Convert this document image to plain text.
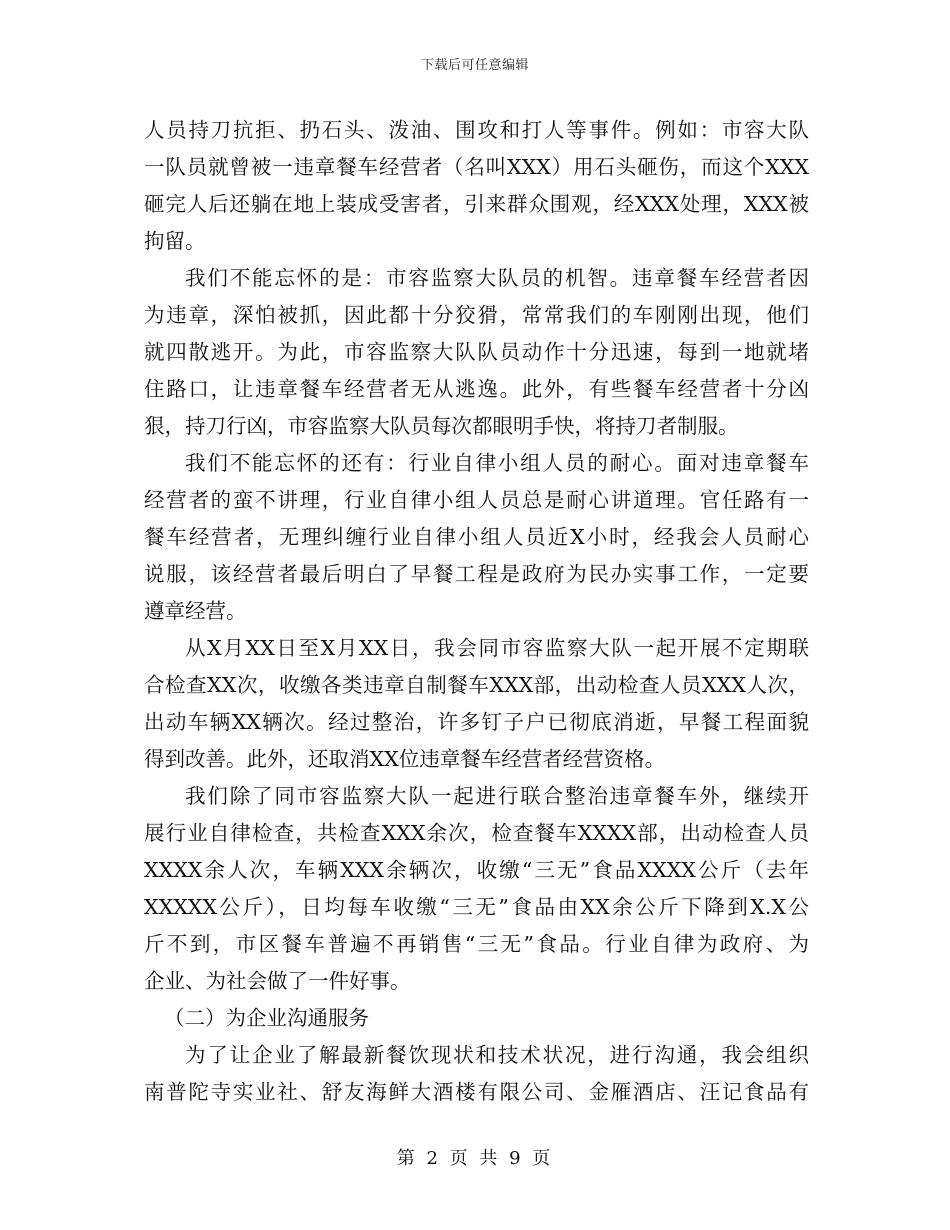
下载后可任意编辑
人员持刀抗拒、扔石头、泼油、围攻和打人等事件。例如：市容大队
一队员就曾被一违章餐车经营者（名叫XXX）用石头砸伤，而这个XXX
砸完人后还躺在地上装成受害者，引来群众围观，经XXX处理，XXX被
拘留。
我们不能忘怀的是：市容监察大队员的机智。违章餐车经营者因
为违章，深怕被抓，因此都十分狡猾，常常我们的车刚刚出现，他们
就四散逃开。为此，市容监察大队队员动作十分迅速，每到一地就堵
住路口，让违章餐车经营者无从逃逸。此外，有些餐车经营者十分凶
狠，持刀行凶，市容监察大队员每次都眼明手快，将持刀者制服。
我们不能忘怀的还有：行业自律小组人员的耐心。面对违章餐车
经营者的蛮不讲理，行业自律小组人员总是耐心讲道理。官任路有一
餐车经营者，无理纠缠行业自律小组人员近X小时，经我会人员耐心
说服，该经营者最后明白了早餐工程是政府为民办实事工作，一定要
遵章经营。
从X月XX日至X月XX日，我会同市容监察大队一起开展不定期联
合检查XX次，收缴各类违章自制餐车XXX部，出动检查人员XXX人次，
出动车辆XX辆次。经过整治，许多钉子户已彻底消逝，早餐工程面貌
得到改善。此外，还取消XX位违章餐车经营者经营资格。
我们除了同市容监察大队一起进行联合整治违章餐车外，继续开
展行业自律检查，共检查XXX余次，检查餐车XXXX部，出动检查人员
XXXX余人次，车辆XXX余辆次，收缴“三无”食品XXXX公斤（去年
XXXXX公斤），日均每车收缴“三无”食品由XX余公斤下降到X.X公
斤不到，市区餐车普遍不再销售“三无”食品。行业自律为政府、为
企业、为社会做了一件好事。
（二）为企业沟通服务
为了让企业了解最新餐饮现状和技术状况，进行沟通，我会组织
南普陀寺实业社、舒友海鲜大酒楼有限公司、金雁酒店、汪记食品有
第 2 页 共 9 页
